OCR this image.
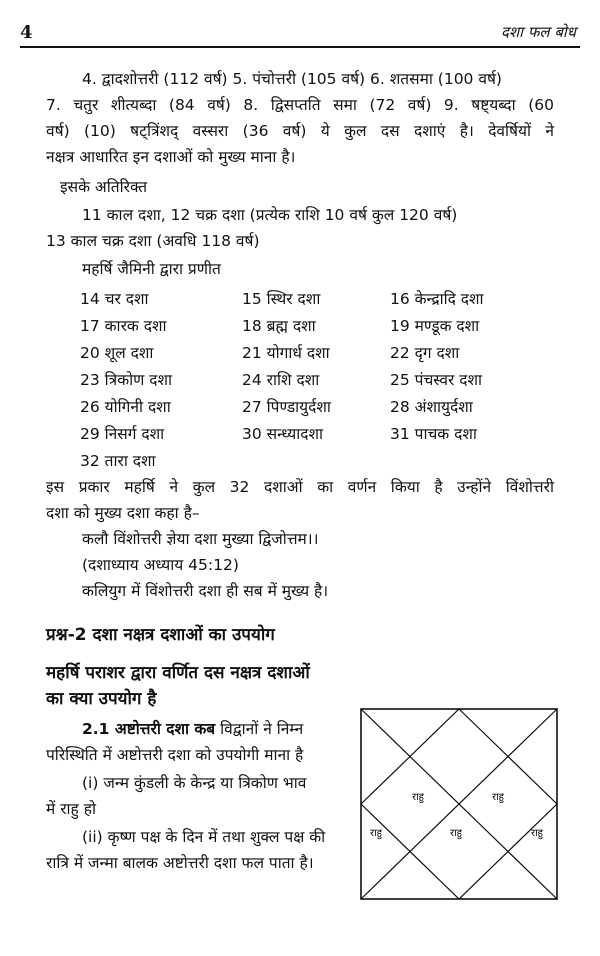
4	दशा फल बोध
4. द्वादशोत्तरी (112 वर्ष) 5. पंचोत्तरी (105 वर्ष) 6. शतसमा (100 वर्ष)
7. चतुर शीत्यब्दा (84 वर्ष) 8. द्विसप्तति समा (72 वर्ष) 9. षष्ट्यब्दा (60
वर्ष) (10) षट्त्रिंशद् वस्सरा (36 वर्ष) ये कुल दस दशाएं है। देवर्षियों ने
नक्षत्र आधारित इन दशाओं को मुख्य माना है।
इसके अतिरिक्त
11 काल दशा, 12 चक्र दशा (प्रत्येक राशि 10 वर्ष कुल 120 वर्ष)
13 काल चक्र दशा (अवधि 118 वर्ष)
महर्षि जैमिनी द्वारा प्रणीत
14 चर दशा	15 स्थिर दशा	16 केन्द्रादि दशा
17 कारक दशा	18 ब्रह्म दशा	19 मण्डूक दशा
20 शूल दशा	21 योगार्ध दशा	22 दृग दशा
23 त्रिकोण दशा	24 राशि दशा	25 पंचस्वर दशा
26 योगिनी दशा	27 पिण्डायुर्दशा	28 अंशायुर्दशा
29 निसर्ग दशा	30 सन्ध्यादशा	31 पाचक दशा
32 तारा दशा
इस प्रकार महर्षि ने कुल 32 दशाओं का वर्णन किया है उन्होंने विंशोत्तरी
दशा को मुख्य दशा कहा है–
कलौ विंशोत्तरी ज्ञेया दशा मुख्या द्विजोत्तम।।
(दशाध्याय अध्याय 45:12)
कलियुग में विंशोत्तरी दशा ही सब में मुख्य है।
प्रश्न-2 दशा नक्षत्र दशाओं का उपयोग
महर्षि पराशर द्वारा वर्णित दस नक्षत्र दशाओं
का क्या उपयोग है
2.1 अष्टोत्तरी दशा कब विद्वानों ने निम्न
परिस्थिति में अष्टोत्तरी दशा को उपयोगी माना है
(i) जन्म कुंडली के केन्द्र या त्रिकोण भाव
में राहु हो
(ii) कृष्ण पक्ष के दिन में तथा शुक्ल पक्ष की
रात्रि में जन्मा बालक अष्टोत्तरी दशा फल पाता है।
राहु	राहु
राहु	राहु	राहु
